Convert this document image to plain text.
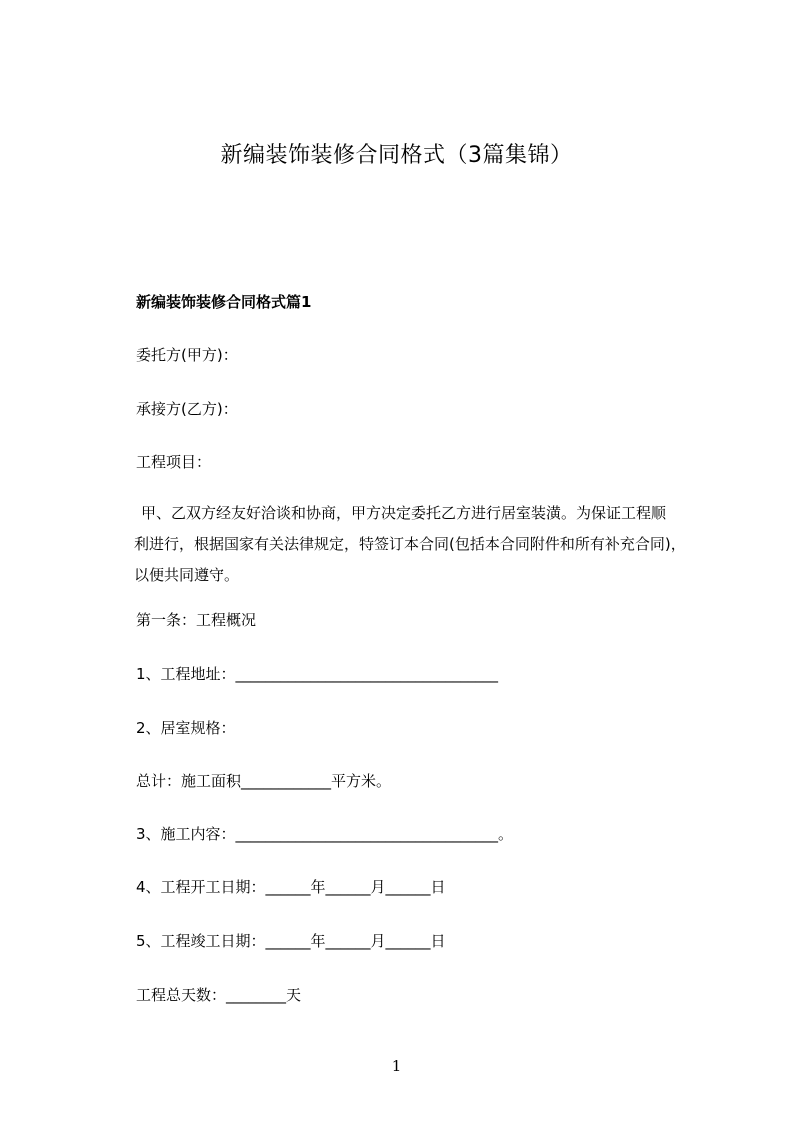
新编装饰装修合同格式（3篇集锦）
新编装饰装修合同格式篇1
委托方(甲方)：
承接方(乙方)：
工程项目：
甲、乙双方经友好洽谈和协商，甲方决定委托乙方进行居室装潢。为保证工程顺
利进行，根据国家有关法律规定，特签订本合同(包括本合同附件和所有补充合同)，
以便共同遵守。
第一条：工程概况
1、工程地址：___________________________________
2、居室规格：
总计：施工面积____________平方米。
3、施工内容：___________________________________。
4、工程开工日期：______年______月______日
5、工程竣工日期：______年______月______日
工程总天数：________天
1
